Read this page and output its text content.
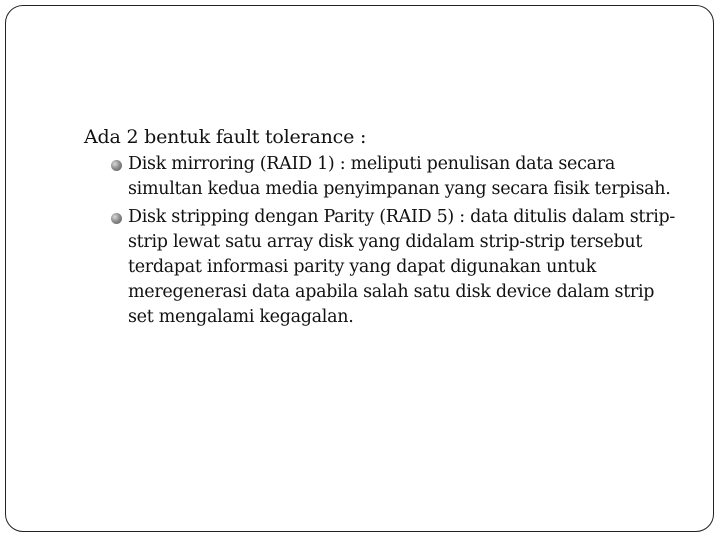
Ada 2 bentuk fault tolerance :
Disk mirroring (RAID 1) : meliputi penulisan data secara simultan kedua media penyimpanan yang secara fisik terpisah.
Disk stripping dengan Parity (RAID 5) : data ditulis dalam strip-strip lewat satu array disk yang didalam strip-strip tersebut terdapat informasi parity yang dapat digunakan untuk meregenerasi data apabila salah satu disk device dalam strip set mengalami kegagalan.
